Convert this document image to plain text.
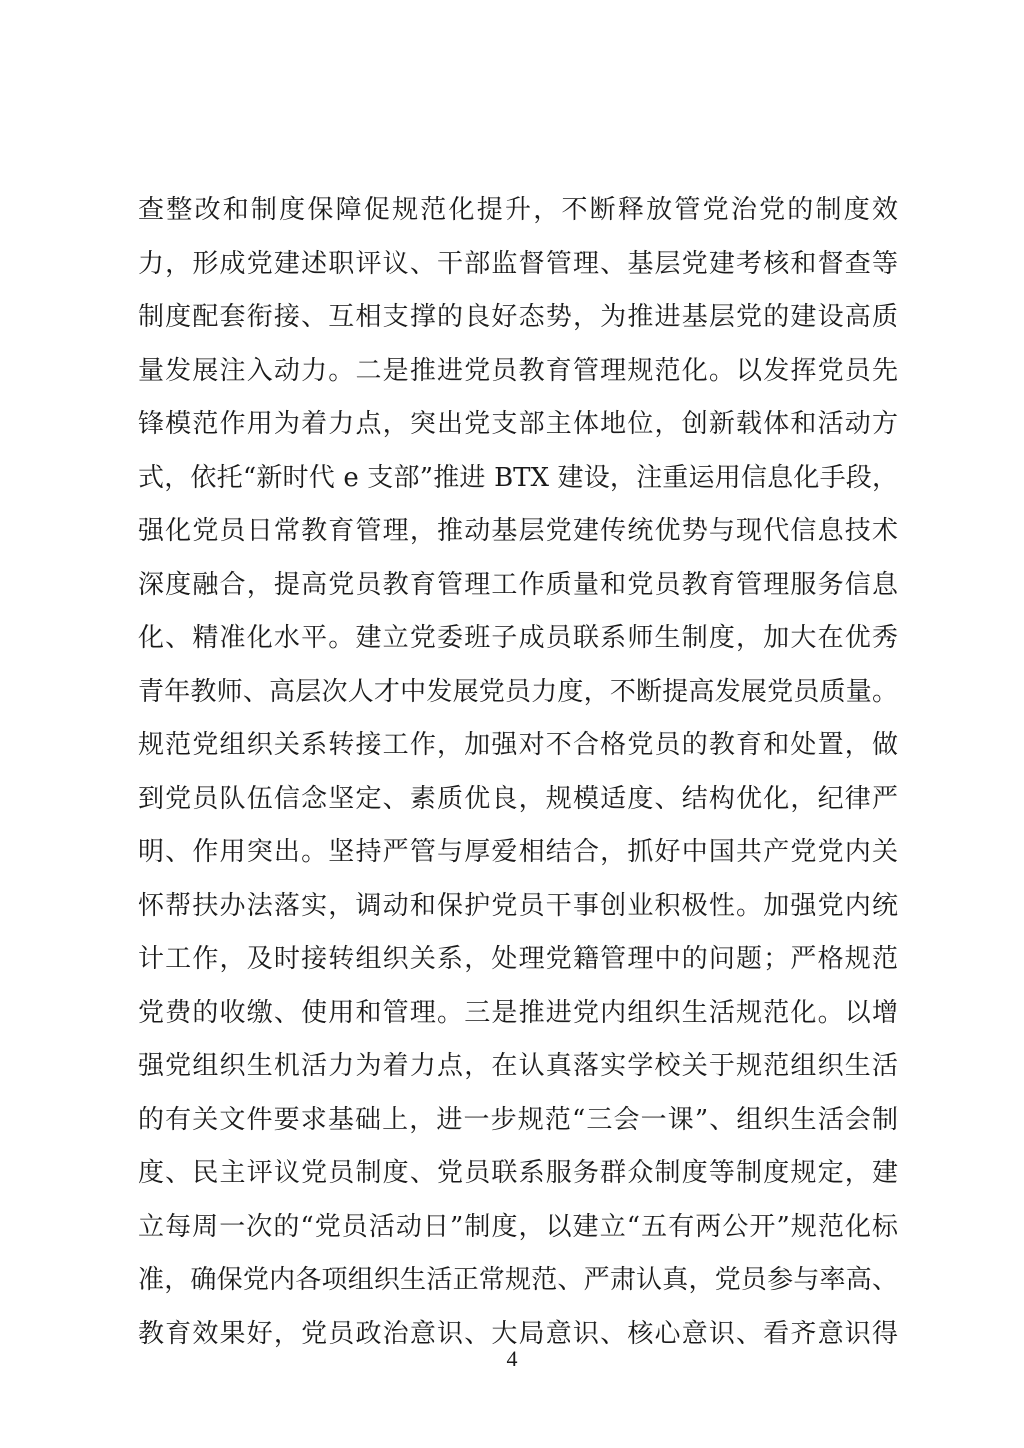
查整改和制度保障促规范化提升，不断释放管党治党的制度效
力，形成党建述职评议、干部监督管理、基层党建考核和督查等
制度配套衔接、互相支撑的良好态势，为推进基层党的建设高质
量发展注入动力。二是推进党员教育管理规范化。以发挥党员先
锋模范作用为着力点，突出党支部主体地位，创新载体和活动方
式，依托“新时代 e 支部”推进 BTX 建设，注重运用信息化手段，
强化党员日常教育管理，推动基层党建传统优势与现代信息技术
深度融合，提高党员教育管理工作质量和党员教育管理服务信息
化、精准化水平。建立党委班子成员联系师生制度，加大在优秀
青年教师、高层次人才中发展党员力度，不断提高发展党员质量。
规范党组织关系转接工作，加强对不合格党员的教育和处置，做
到党员队伍信念坚定、素质优良，规模适度、结构优化，纪律严
明、作用突出。坚持严管与厚爱相结合，抓好中国共产党党内关
怀帮扶办法落实，调动和保护党员干事创业积极性。加强党内统
计工作，及时接转组织关系，处理党籍管理中的问题；严格规范
党费的收缴、使用和管理。三是推进党内组织生活规范化。以增
强党组织生机活力为着力点，在认真落实学校关于规范组织生活
的有关文件要求基础上，进一步规范“三会一课”、组织生活会制
度、民主评议党员制度、党员联系服务群众制度等制度规定，建
立每周一次的“党员活动日”制度，以建立“五有两公开”规范化标
准，确保党内各项组织生活正常规范、严肃认真，党员参与率高、
教育效果好，党员政治意识、大局意识、核心意识、看齐意识得
4
